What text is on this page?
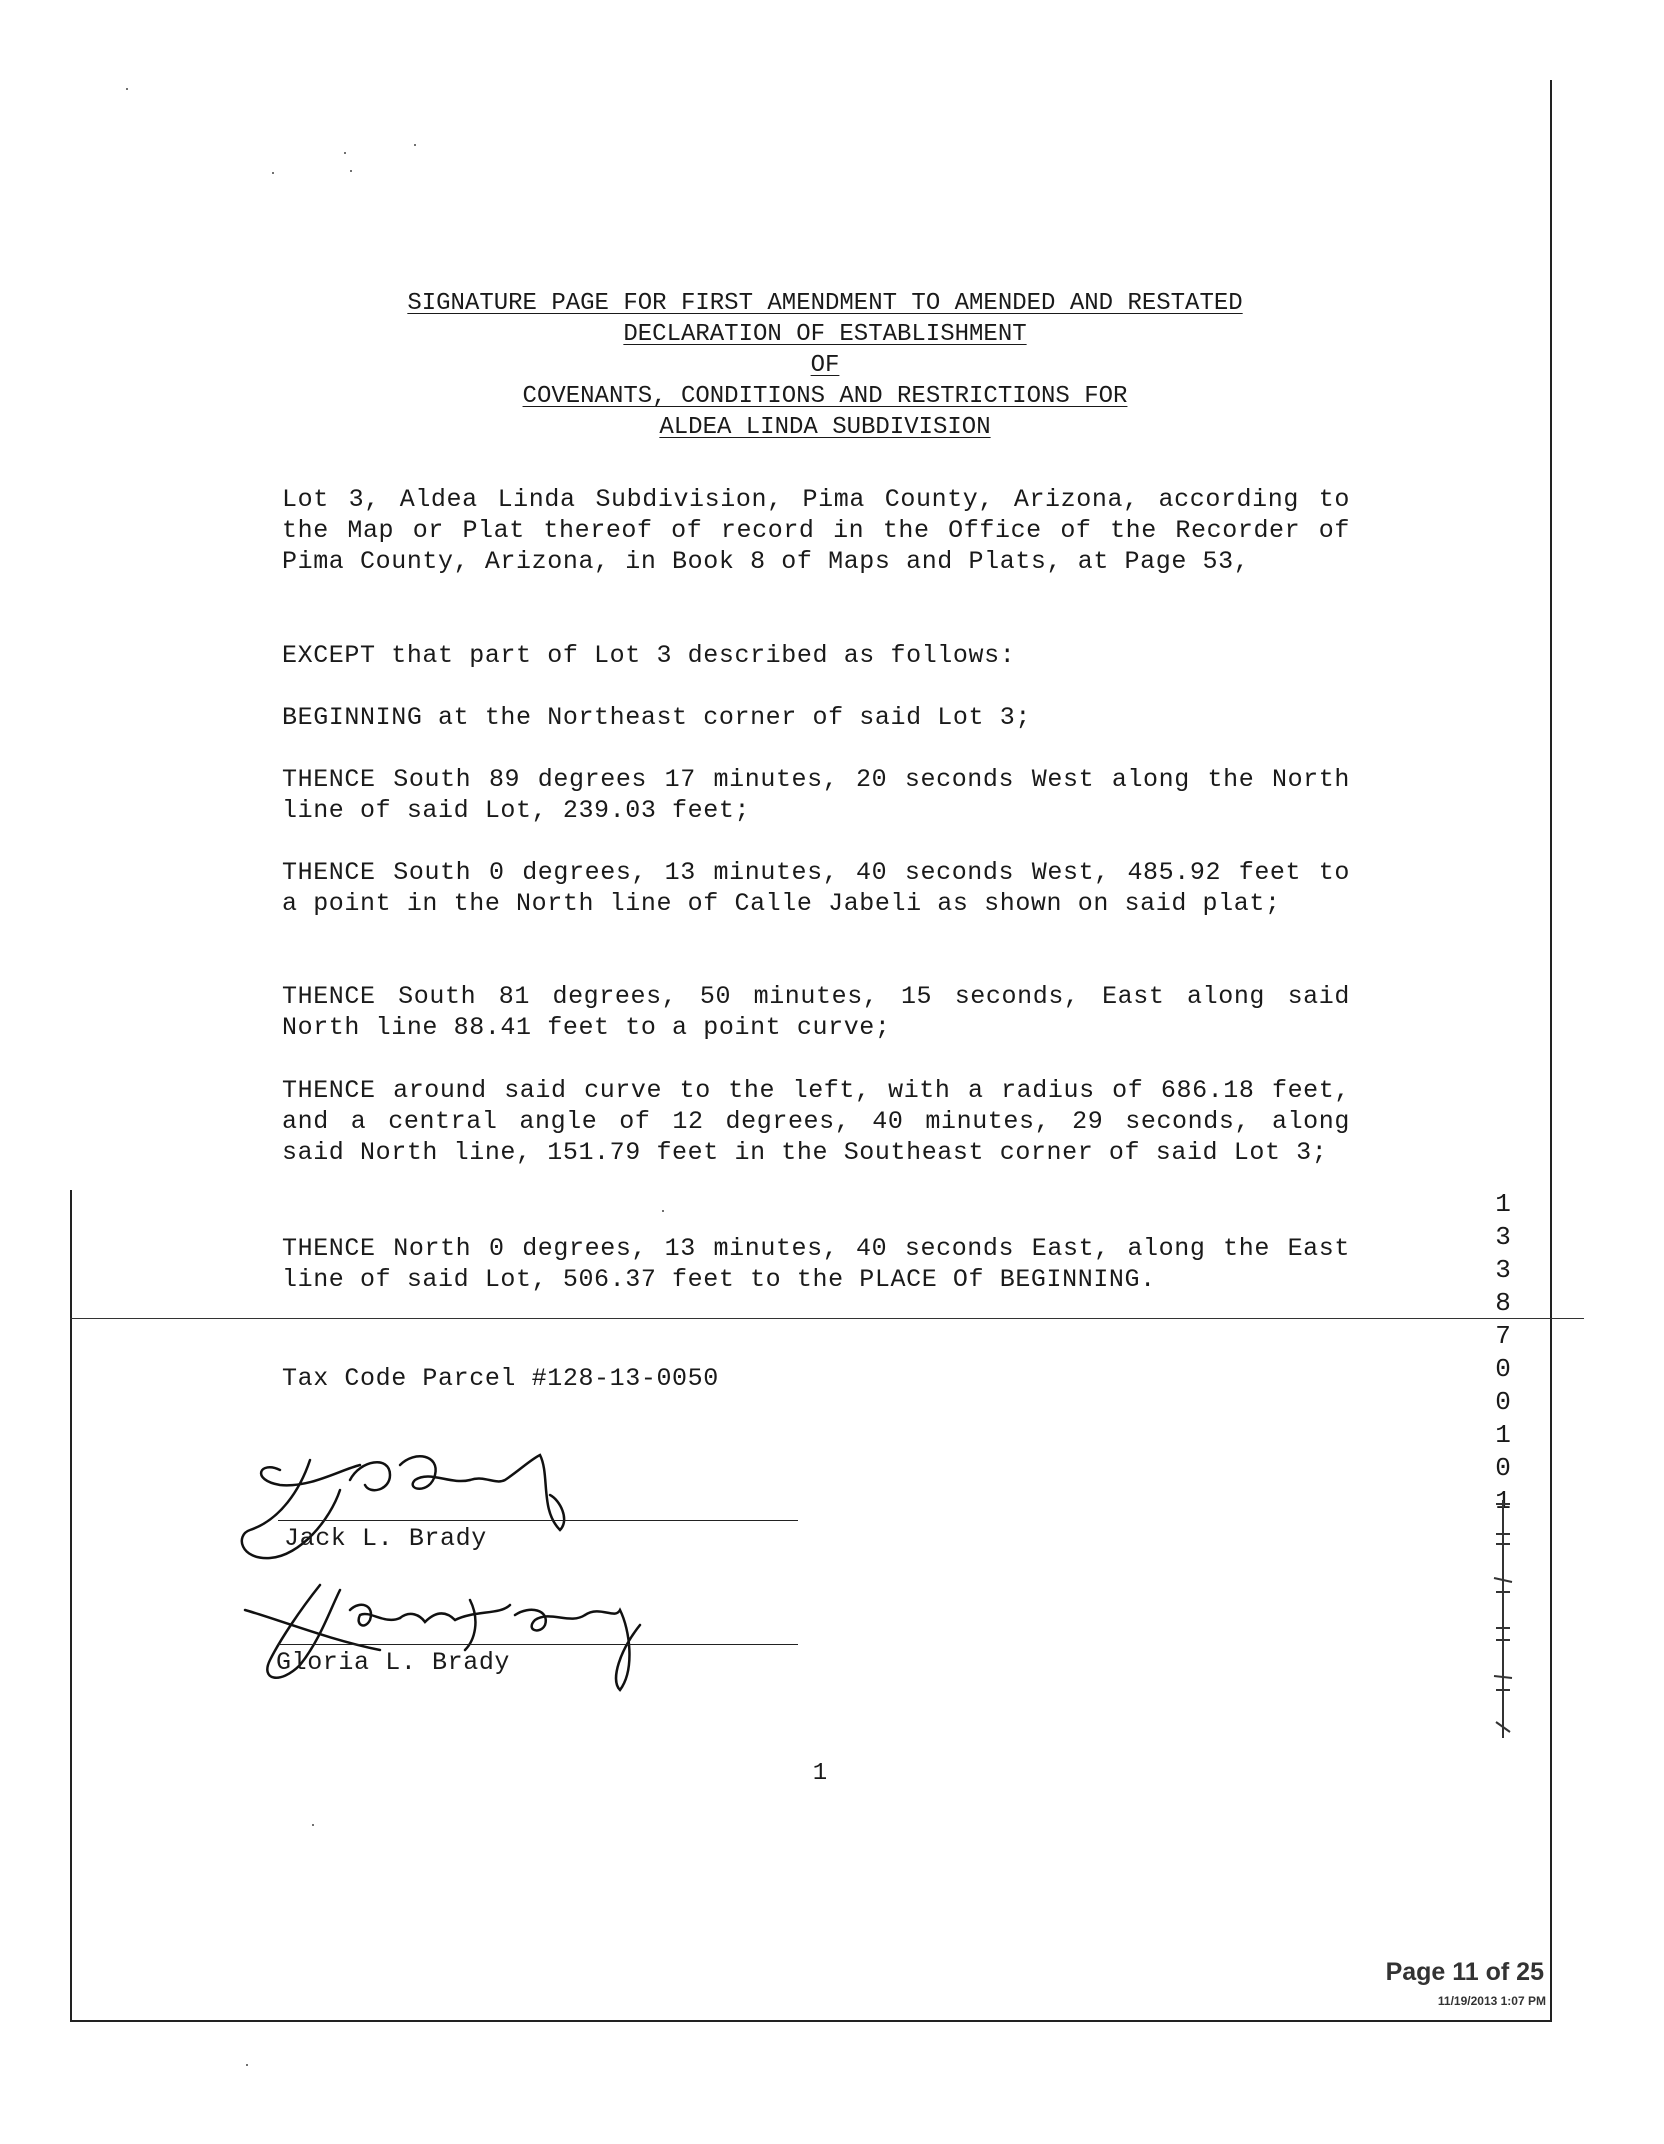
SIGNATURE PAGE FOR FIRST AMENDMENT TO AMENDED AND RESTATED
DECLARATION OF ESTABLISHMENT
OF
COVENANTS, CONDITIONS AND RESTRICTIONS FOR
ALDEA LINDA SUBDIVISION
Lot 3, Aldea Linda Subdivision, Pima County, Arizona, according to the Map or Plat thereof of record in the Office of the Recorder of Pima County, Arizona, in Book 8 of Maps and Plats, at Page 53,
EXCEPT that part of Lot 3 described as follows:
BEGINNING at the Northeast corner of said Lot 3;
THENCE South 89 degrees 17 minutes, 20 seconds West along the North line of said Lot, 239.03 feet;
THENCE South 0 degrees, 13 minutes, 40 seconds West, 485.92 feet to a point in the North line of Calle Jabeli as shown on said plat;
THENCE South 81 degrees, 50 minutes, 15 seconds, East along said North line 88.41 feet to a point curve;
THENCE around said curve to the left, with a radius of 686.18 feet, and a central angle of 12 degrees, 40 minutes, 29 seconds, along said North line, 151.79 feet in the Southeast corner of said Lot 3;
THENCE North 0 degrees, 13 minutes, 40 seconds East, along the East line of said Lot, 506.37 feet to the PLACE Of BEGINNING.
Tax Code Parcel #128-13-0050
13387 00101
Jack L. Brady
Gloria L. Brady
1
Page 11 of 25
11/19/2013 1:07 PM
